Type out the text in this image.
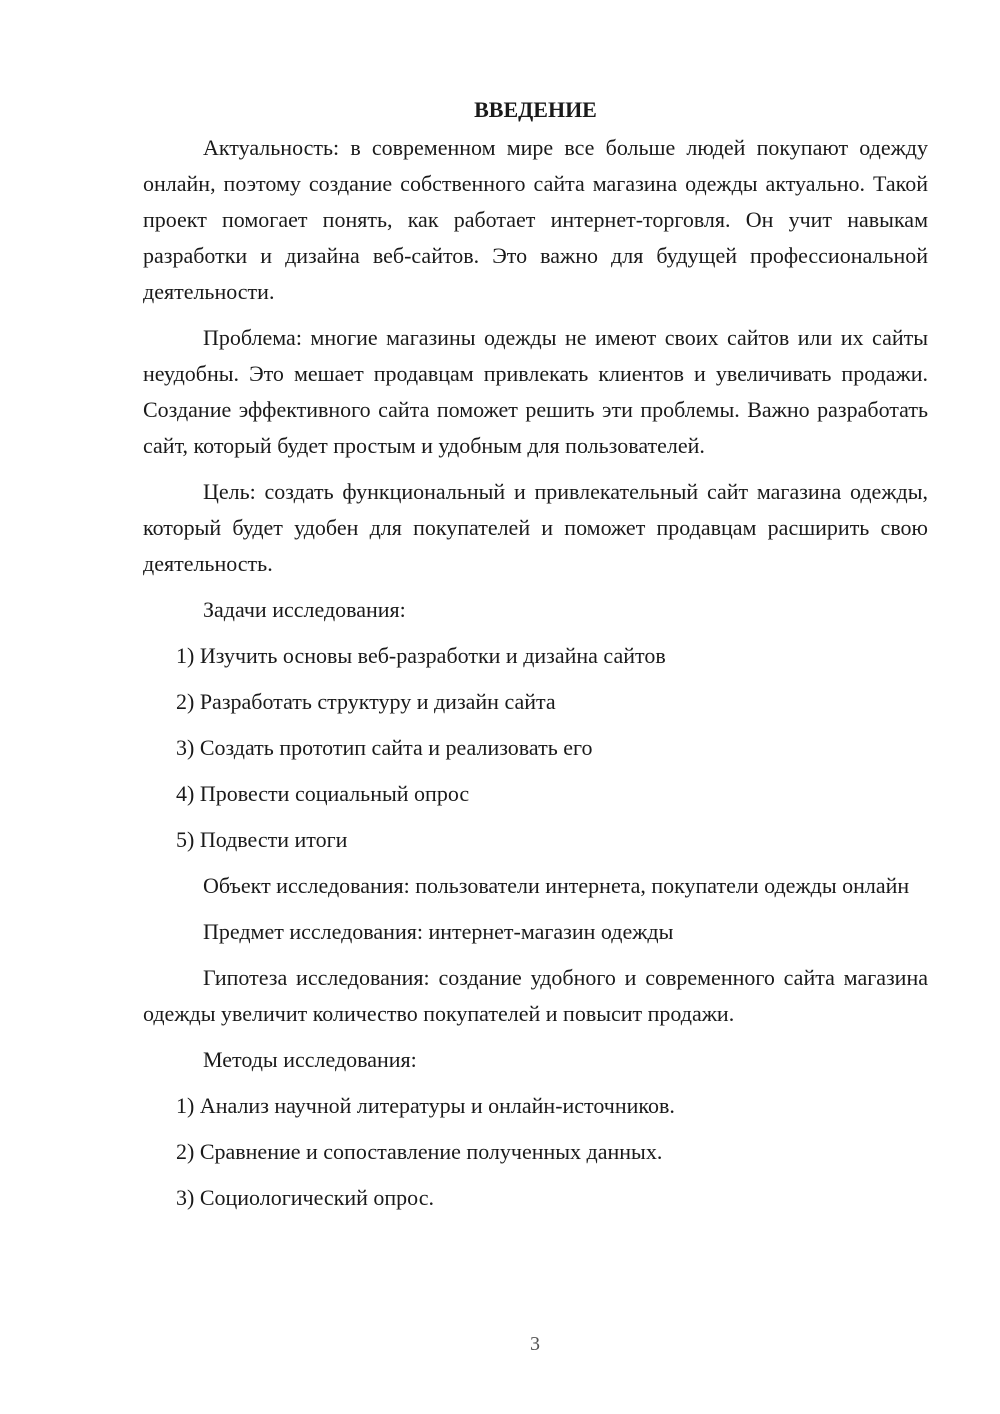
ВВЕДЕНИЕ

Актуальность: в современном мире все больше людей покупают одежду онлайн, поэтому создание собственного сайта магазина одежды актуально. Такой проект помогает понять, как работает интернет-торговля. Он учит навыкам разработки и дизайна веб-сайтов. Это важно для будущей профессиональной деятельности.

Проблема: многие магазины одежды не имеют своих сайтов или их сайты неудобны. Это мешает продавцам привлекать клиентов и увеличивать продажи. Создание эффективного сайта поможет решить эти проблемы. Важно разработать сайт, который будет простым и удобным для пользователей.

Цель: создать функциональный и привлекательный сайт магазина одежды, который будет удобен для покупателей и поможет продавцам расширить свою деятельность.

Задачи исследования:

1) Изучить основы веб-разработки и дизайна сайтов

2) Разработать структуру и дизайн сайта

3) Создать прототип сайта и реализовать его

4) Провести социальный опрос

5) Подвести итоги

Объект исследования: пользователи интернета, покупатели одежды онлайн

Предмет исследования: интернет-магазин одежды

Гипотеза исследования: создание удобного и современного сайта магазина одежды увеличит количество покупателей и повысит продажи.

Методы исследования:

1) Анализ научной литературы и онлайн-источников.

2) Сравнение и сопоставление полученных данных.

3) Социологический опрос.

3
